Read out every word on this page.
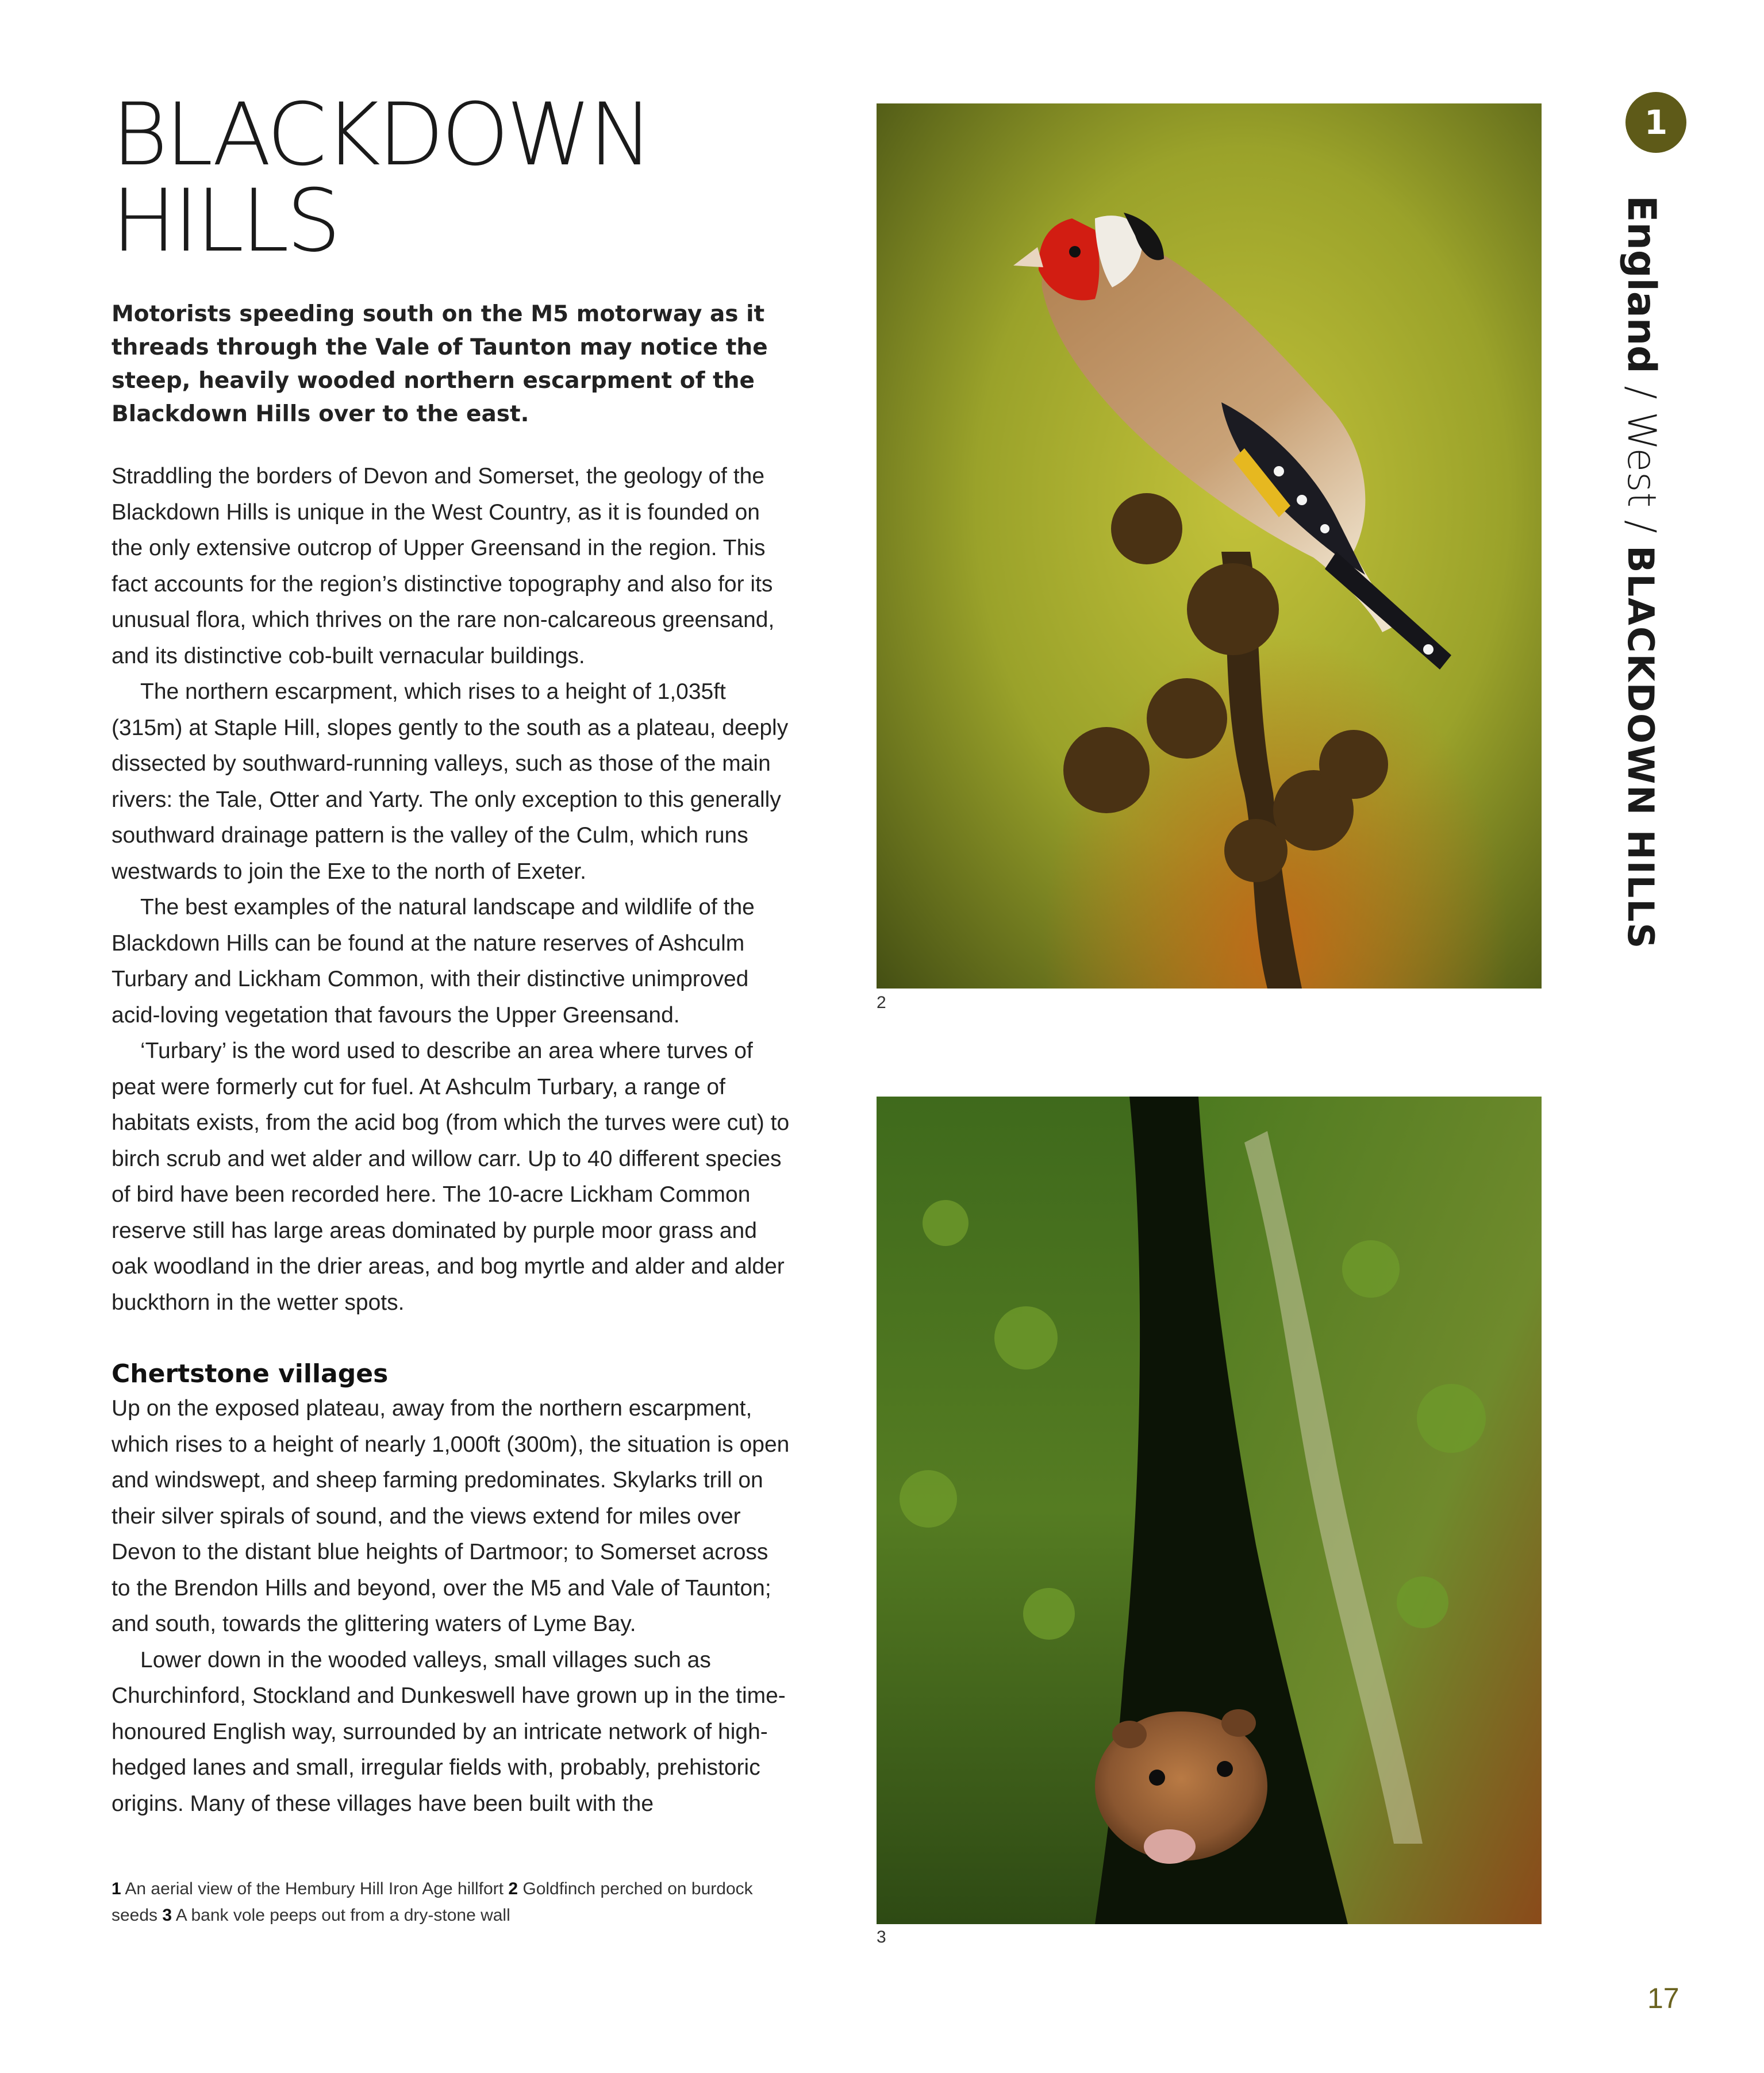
BLACKDOWN
HILLS

Motorists speeding south on the M5 motorway as it threads through the Vale of Taunton may notice the steep, heavily wooded northern escarpment of the Blackdown Hills over to the east.

Straddling the borders of Devon and Somerset, the geology of the Blackdown Hills is unique in the West Country, as it is founded on the only extensive outcrop of Upper Greensand in the region. This fact accounts for the region’s distinctive topography and also for its unusual flora, which thrives on the rare non-calcareous greensand, and its distinctive cob-built vernacular buildings.

The northern escarpment, which rises to a height of 1,035ft (315m) at Staple Hill, slopes gently to the south as a plateau, deeply dissected by southward-running valleys, such as those of the main rivers: the Tale, Otter and Yarty. The only exception to this generally southward drainage pattern is the valley of the Culm, which runs westwards to join the Exe to the north of Exeter.

The best examples of the natural landscape and wildlife of the Blackdown Hills can be found at the nature reserves of Ashculm Turbary and Lickham Common, with their distinctive unimproved acid-loving vegetation that favours the Upper Greensand.

‘Turbary’ is the word used to describe an area where turves of peat were formerly cut for fuel. At Ashculm Turbary, a range of habitats exists, from the acid bog (from which the turves were cut) to birch scrub and wet alder and willow carr. Up to 40 different species of bird have been recorded here. The 10-acre Lickham Common reserve still has large areas dominated by purple moor grass and oak woodland in the drier areas, and bog myrtle and alder and alder buckthorn in the wetter spots.

Chertstone villages

Up on the exposed plateau, away from the northern escarpment, which rises to a height of nearly 1,000ft (300m), the situation is open and windswept, and sheep farming predominates. Skylarks trill on their silver spirals of sound, and the views extend for miles over Devon to the distant blue heights of Dartmoor; to Somerset across to the Brendon Hills and beyond, over the M5 and Vale of Taunton; and south, towards the glittering waters of Lyme Bay.

Lower down in the wooded valleys, small villages such as Churchinford, Stockland and Dunkeswell have grown up in the time-honoured English way, surrounded by an intricate network of high-hedged lanes and small, irregular fields with, probably, prehistoric origins. Many of these villages have been built with the

1 An aerial view of the Hembury Hill Iron Age hillfort 2 Goldfinch perched on burdock seeds 3 A bank vole peeps out from a dry-stone wall

2
3
1
England / West / BLACKDOWN HILLS
17
